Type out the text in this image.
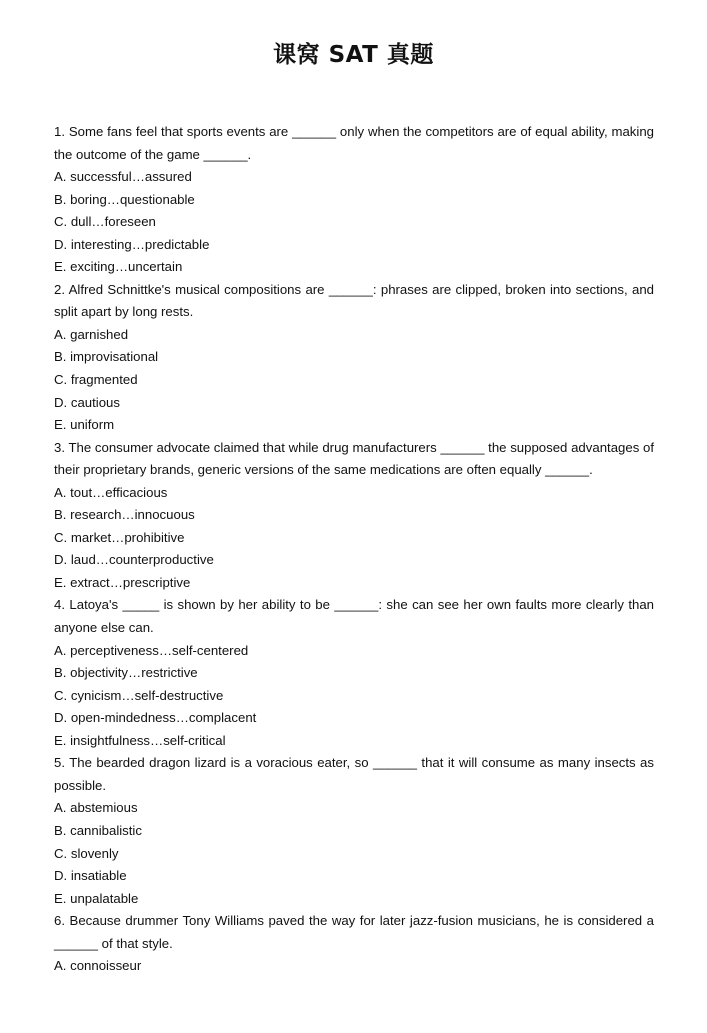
课窝 SAT 真题

1. Some fans feel that sports events are ______ only when the competitors are of equal ability, making the outcome of the game ______.

A. successful…assured

B. boring…questionable

C. dull…foreseen

D. interesting…predictable

E. exciting…uncertain

2. Alfred Schnittke's musical compositions are ______: phrases are clipped, broken into sections, and split apart by long rests.

A. garnished

B. improvisational

C. fragmented

D. cautious

E. uniform

3. The consumer advocate claimed that while drug manufacturers ______ the supposed advantages of their proprietary brands, generic versions of the same medications are often equally ______.

A. tout…efficacious

B. research…innocuous

C. market…prohibitive

D. laud…counterproductive

E. extract…prescriptive

4. Latoya's _____ is shown by her ability to be ______: she can see her own faults more clearly than anyone else can.

A. perceptiveness…self-centered

B. objectivity…restrictive

C. cynicism…self-destructive

D. open-mindedness…complacent

E. insightfulness…self-critical

5. The bearded dragon lizard is a voracious eater, so ______ that it will consume as many insects as possible.

A. abstemious

B. cannibalistic

C. slovenly

D. insatiable

E. unpalatable

6. Because drummer Tony Williams paved the way for later jazz-fusion musicians, he is considered a ______ of that style.

A. connoisseur
